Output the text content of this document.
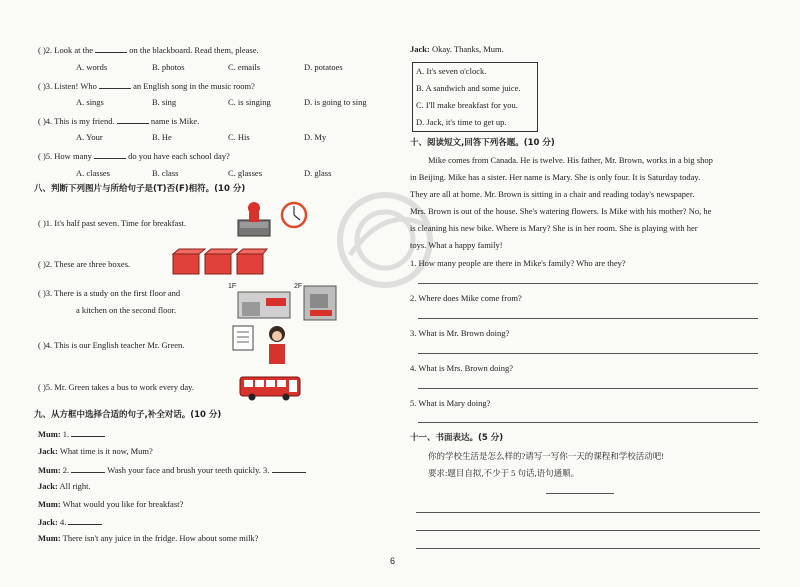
( )2. Look at the	on the blackboard. Read them, please.
A. words	B. photos	C. emails	D. potatoes
( )3. Listen! Who	an English song in the music room?
A. sings	B. sing	C. is singing	D. is going to sing
( )4. This is my friend.	name is Mike.
A. Your	B. He	C. His	D. My
( )5. How many	do you have each school day?
A. classes	B. class	C. glasses	D. glass
八、判断下列图片与所给句子是(T)否(F)相符。(10 分)
( )1. It's half past seven. Time for breakfast.
( )2. These are three boxes.
( )3. There is a study on the first floor and
a kitchen on the second floor.
( )4. This is our English teacher Mr. Green.
( )5. Mr. Green takes a bus to work every day.
1F	2F
九、从方框中选择合适的句子,补全对话。(10 分)
Mum: 1.
Jack: What time is it now, Mum?
Mum: 2.	Wash your face and brush your teeth quickly. 3.
Jack: All right.
Mum: What would you like for breakfast?
Jack: 4.
Mum: There isn't any juice in the fridge. How about some milk?
Jack: Okay. Thanks, Mum.
A. It's seven o'clock.
B. A sandwich and some juice.
C. I'll make breakfast for you.
D. Jack, it's time to get up.
十、阅读短文,回答下列各题。(10 分)
Mike comes from Canada. He is twelve. His father, Mr. Brown, works in a big shop
in Beijing. Mike has a sister. Her name is Mary. She is only four. It is Saturday today.
They are all at home. Mr. Brown is sitting in a chair and reading today's newspaper.
Mrs. Brown is out of the house. She's watering flowers. Is Mike with his mother? No, he
is cleaning his new bike. Where is Mary? She is in her room. She is playing with her
toys. What a happy family!
1. How many people are there in Mike's family? Who are they?
2. Where does Mike come from?
3. What is Mr. Brown doing?
4. What is Mrs. Brown doing?
5. What is Mary doing?
十一、书面表达。(5 分)
你的学校生活是怎么样的?请写一写你一天的课程和学校活动吧!
要求:题目自拟,不少于 5 句话,语句通顺。
6
